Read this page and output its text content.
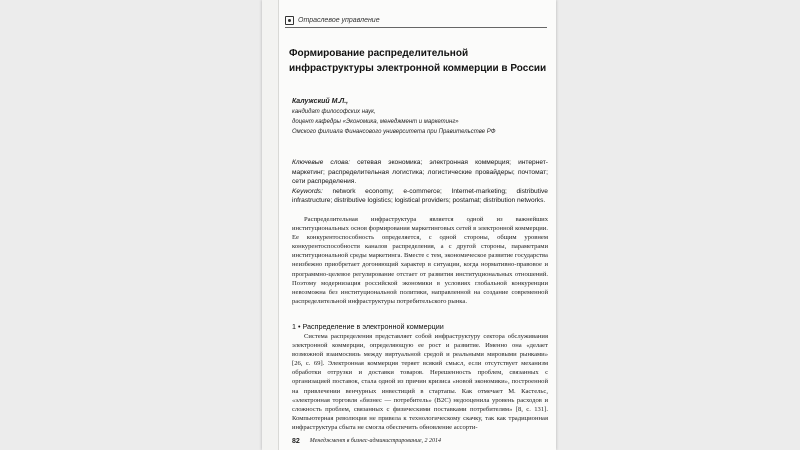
Отраслевое управление
Формирование распределительной инфраструктуры электронной коммерции в России
Калужский М.Л.,
кандидат философских наук,
доцент кафедры «Экономика, менеджмент и маркетинг»
Омского филиала Финансового университета при Правительстве РФ

Ключевые слова: сетевая экономика; электронная коммерция; интернет-маркетинг; распределительная логистика; логистические провайдеры; почтомат; сети распределения.

Keywords: network economy; e-commerce; Internet-marketing; distributive infrastructure; distributive logistics; logistical providers; postamat; distribution networks.

Распределительная инфраструктура является одной из важнейших институциональных основ формирования маркетинговых сетей в электронной коммерции. Ее конкурентоспособность определяется, с одной стороны, общим уровнем конкурентоспособности каналов распределения, а с другой стороны, параметрами институциональной среды маркетинга. Вместе с тем, экономическое развитие государства неизбежно приобретает догоняющий характер в ситуации, когда нормативно-правовое и программно-целевое регулирование отстает от развития институциональных отношений. Поэтому модернизация российской экономики в условиях глобальной конкуренции невозможна без институциональной политики, направленной на создание современной распределительной инфраструктуры потребительского рынка.

1 • Распределение в электронной коммерции

Система распределения представляет собой инфраструктуру сектора обслуживания электронной коммерции, определяющую ее рост и развитие. Именно она «делает возможной взаимосвязь между виртуальной средой и реальными мировыми рынками» [26, с. 69]. Электронная коммерция теряет всякий смысл, если отсутствует механизм обработки отгрузки и доставки товаров. Нерешенность проблем, связанных с организацией поставок, стала одной из причин кризиса «новой экономики», построенной на привлечении венчурных инвестиций в стартапы. Как отмечает М. Кастельс, «электронная торговля «бизнес — потребитель» (B2C) недооценила уровень расходов и сложность проблем, связанных с физическими поставками потребителям» [8, с. 131]. Компьютерная революция не привела к технологическому скачку, так как традиционная инфраструктура сбыта не смогла обеспечить обновление ассорти-

82 Менеджмент в бизнес-администрирование, 2 2014
